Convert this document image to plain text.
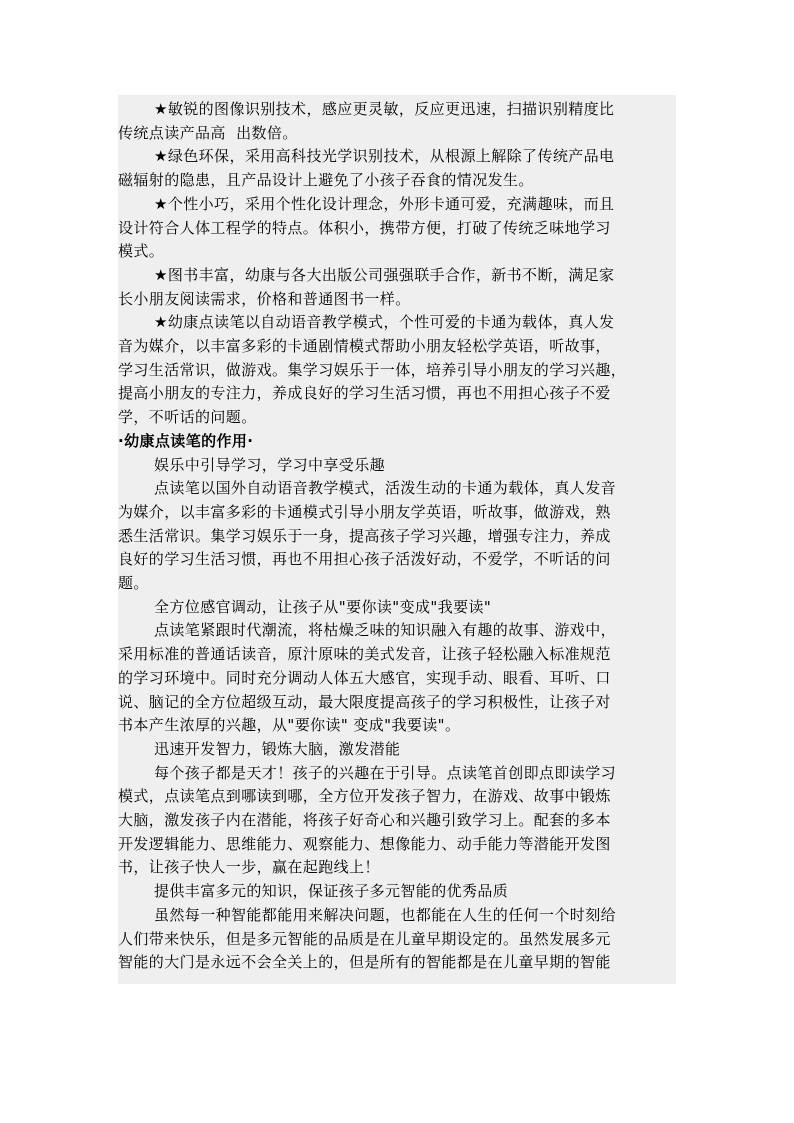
★敏锐的图像识别技术，感应更灵敏，反应更迅速，扫描识别精度比
传统点读产品高  出数倍。
★绿色环保，采用高科技光学识别技术，从根源上解除了传统产品电
磁辐射的隐患，且产品设计上避免了小孩子吞食的情况发生。
★个性小巧，采用个性化设计理念，外形卡通可爱，充满趣味，而且
设计符合人体工程学的特点。体积小，携带方便，打破了传统乏味地学习
模式。
★图书丰富，幼康与各大出版公司强强联手合作，新书不断，满足家
长小朋友阅读需求，价格和普通图书一样。
★幼康点读笔以自动语音教学模式，个性可爱的卡通为载体，真人发
音为媒介，以丰富多彩的卡通剧情模式帮助小朋友轻松学英语，听故事，
学习生活常识，做游戏。集学习娱乐于一体，培养引导小朋友的学习兴趣，
提高小朋友的专注力，养成良好的学习生活习惯，再也不用担心孩子不爱
学，不听话的问题。
·幼康点读笔的作用·
娱乐中引导学习，学习中享受乐趣
点读笔以国外自动语音教学模式，活泼生动的卡通为载体，真人发音
为媒介，以丰富多彩的卡通模式引导小朋友学英语，听故事，做游戏，熟
悉生活常识。集学习娱乐于一身，提高孩子学习兴趣，增强专注力，养成
良好的学习生活习惯，再也不用担心孩子活泼好动，不爱学，不听话的问
题。
全方位感官调动，让孩子从"要你读"变成"我要读"
点读笔紧跟时代潮流，将枯燥乏味的知识融入有趣的故事、游戏中，
采用标准的普通话读音，原汁原味的美式发音，让孩子轻松融入标准规范
的学习环境中。同时充分调动人体五大感官，实现手动、眼看、耳听、口
说、脑记的全方位超级互动，最大限度提高孩子的学习积极性，让孩子对
书本产生浓厚的兴趣，从"要你读" 变成"我要读"。
迅速开发智力，锻炼大脑，激发潜能
每个孩子都是天才！孩子的兴趣在于引导。点读笔首创即点即读学习
模式，点读笔点到哪读到哪，全方位开发孩子智力，在游戏、故事中锻炼
大脑，激发孩子内在潜能，将孩子好奇心和兴趣引致学习上。配套的多本
开发逻辑能力、思维能力、观察能力、想像能力、动手能力等潜能开发图
书，让孩子快人一步，赢在起跑线上！
提供丰富多元的知识，保证孩子多元智能的优秀品质
虽然每一种智能都能用来解决问题，也都能在人生的任何一个时刻给
人们带来快乐，但是多元智能的品质是在儿童早期设定的。虽然发展多元
智能的大门是永远不会全关上的，但是所有的智能都是在儿童早期的智能
